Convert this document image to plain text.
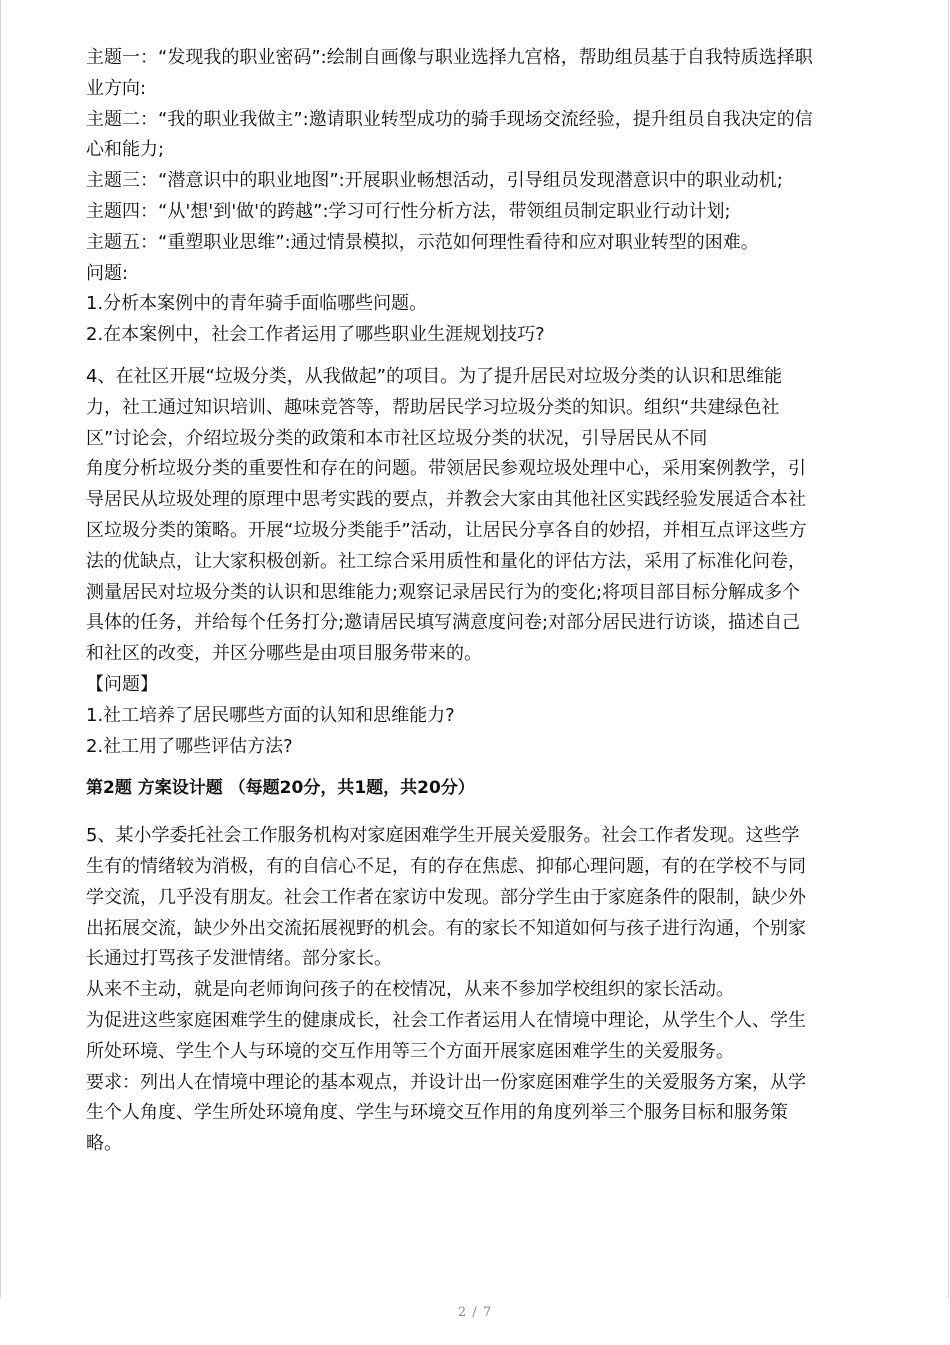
主题一：“发现我的职业密码”:绘制自画像与职业选择九宫格，帮助组员基于自我特质选择职

业方向:

主题二：“我的职业我做主”:邀请职业转型成功的骑手现场交流经验，提升组员自我决定的信

心和能力;

主题三：“潜意识中的职业地图”:开展职业畅想活动，引导组员发现潜意识中的职业动机;

主题四：“从'想'到'做'的跨越”:学习可行性分析方法，带领组员制定职业行动计划;

主题五：“重塑职业思维”:通过情景模拟，示范如何理性看待和应对职业转型的困难。

问题:

1.分析本案例中的青年骑手面临哪些问题。

2.在本案例中，社会工作者运用了哪些职业生涯规划技巧?

4、在社区开展“垃圾分类，从我做起”的项目。为了提升居民对垃圾分类的认识和思维能

力，社工通过知识培训、趣味竞答等，帮助居民学习垃圾分类的知识。组织“共建绿色社

区”讨论会，介绍垃圾分类的政策和本市社区垃圾分类的状况，引导居民从不同

角度分析垃圾分类的重要性和存在的问题。带领居民参观垃圾处理中心，采用案例教学，引

导居民从垃圾处理的原理中思考实践的要点，并教会大家由其他社区实践经验发展适合本社

区垃圾分类的策略。开展“垃圾分类能手”活动，让居民分享各自的妙招，并相互点评这些方

法的优缺点，让大家积极创新。社工综合采用质性和量化的评估方法，采用了标准化问卷，

测量居民对垃圾分类的认识和思维能力;观察记录居民行为的变化;将项目部目标分解成多个

具体的任务，并给每个任务打分;邀请居民填写满意度问卷;对部分居民进行访谈，描述自己

和社区的改变，并区分哪些是由项目服务带来的。

【问题】

1.社工培养了居民哪些方面的认知和思维能力?

2.社工用了哪些评估方法?

第2题 方案设计题 （每题20分，共1题，共20分）

5、某小学委托社会工作服务机构对家庭困难学生开展关爱服务。社会工作者发现。这些学

生有的情绪较为消极，有的自信心不足，有的存在焦虑、抑郁心理问题，有的在学校不与同

学交流，几乎没有朋友。社会工作者在家访中发现。部分学生由于家庭条件的限制，缺少外

出拓展交流，缺少外出交流拓展视野的机会。有的家长不知道如何与孩子进行沟通，个别家

长通过打骂孩子发泄情绪。部分家长。

从来不主动，就是向老师询问孩子的在校情况，从来不参加学校组织的家长活动。

为促进这些家庭困难学生的健康成长，社会工作者运用人在情境中理论，从学生个人、学生

所处环境、学生个人与环境的交互作用等三个方面开展家庭困难学生的关爱服务。

要求：列出人在情境中理论的基本观点，并设计出一份家庭困难学生的关爱服务方案，从学

生个人角度、学生所处环境角度、学生与环境交互作用的角度列举三个服务目标和服务策

略。

2 / 7
